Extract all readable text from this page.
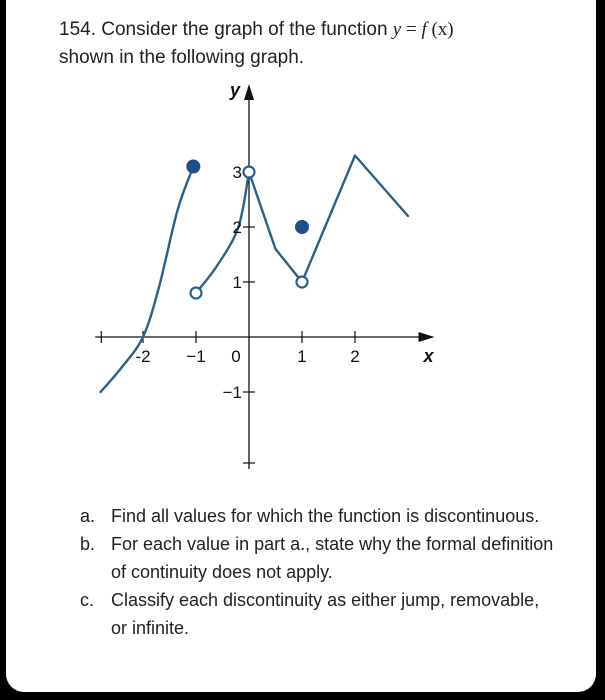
154. Consider the graph of the function y = f (x)
shown in the following graph.
-2 −1	1	2
−1
1
2
3
0	x
y
a. Find all values for which the function is discontinuous.
b. For each value in part a., state why the formal definition of continuity does not apply.
c. Classify each discontinuity as either jump, removable, or infinite.
